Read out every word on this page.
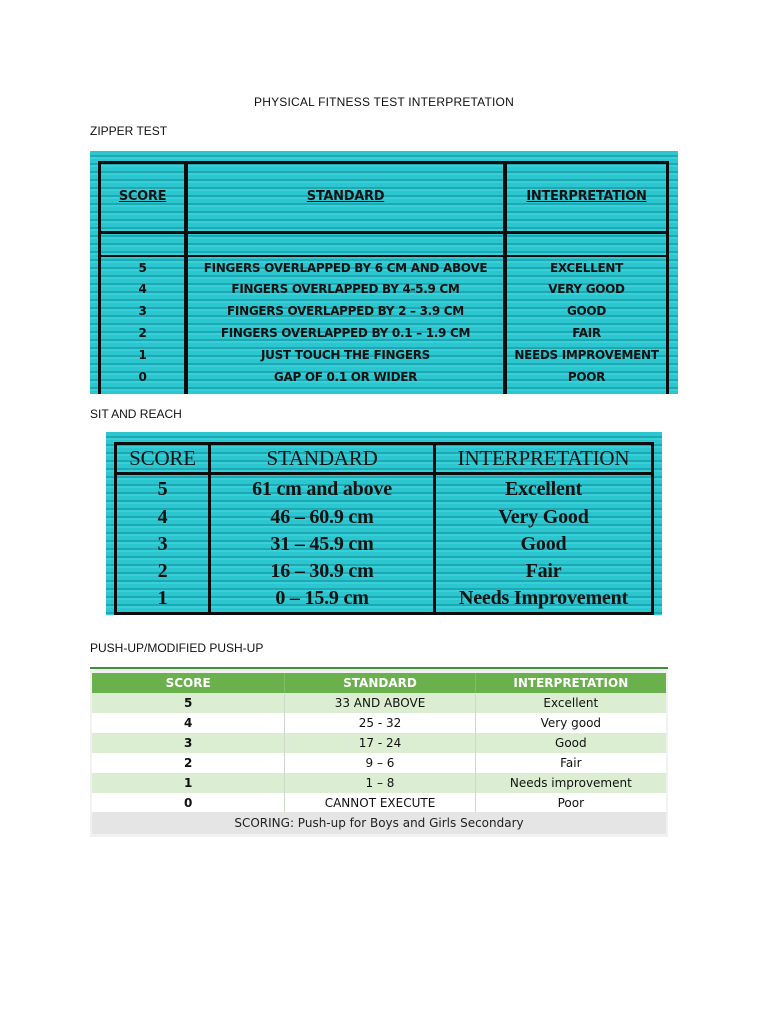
PHYSICAL FITNESS TEST INTERPRETATION
ZIPPER TEST
SCORE	STANDARD	INTERPRETATION
5	FINGERS OVERLAPPED BY 6 CM AND ABOVE	EXCELLENT
4	FINGERS OVERLAPPED BY 4-5.9 CM	VERY GOOD
3	FINGERS OVERLAPPED BY 2 – 3.9 CM	GOOD
2	FINGERS OVERLAPPED BY 0.1 – 1.9 CM	FAIR
1	JUST TOUCH THE FINGERS	NEEDS IMPROVEMENT
0	GAP OF 0.1 OR WIDER	POOR
SIT AND REACH
SCORE	STANDARD	INTERPRETATION
5	61 cm and above	Excellent
4	46 – 60.9 cm	Very Good
3	31 – 45.9 cm	Good
2	16 – 30.9 cm	Fair
1	0 – 15.9 cm	Needs Improvement
PUSH-UP/MODIFIED PUSH-UP
SCORE	STANDARD	INTERPRETATION
5	33 AND ABOVE	Excellent
4	25 - 32	Very good
3	17 - 24	Good
2	9 – 6	Fair
1	1 – 8	Needs improvement
0	CANNOT EXECUTE	Poor
SCORING: Push-up for Boys and Girls Secondary
